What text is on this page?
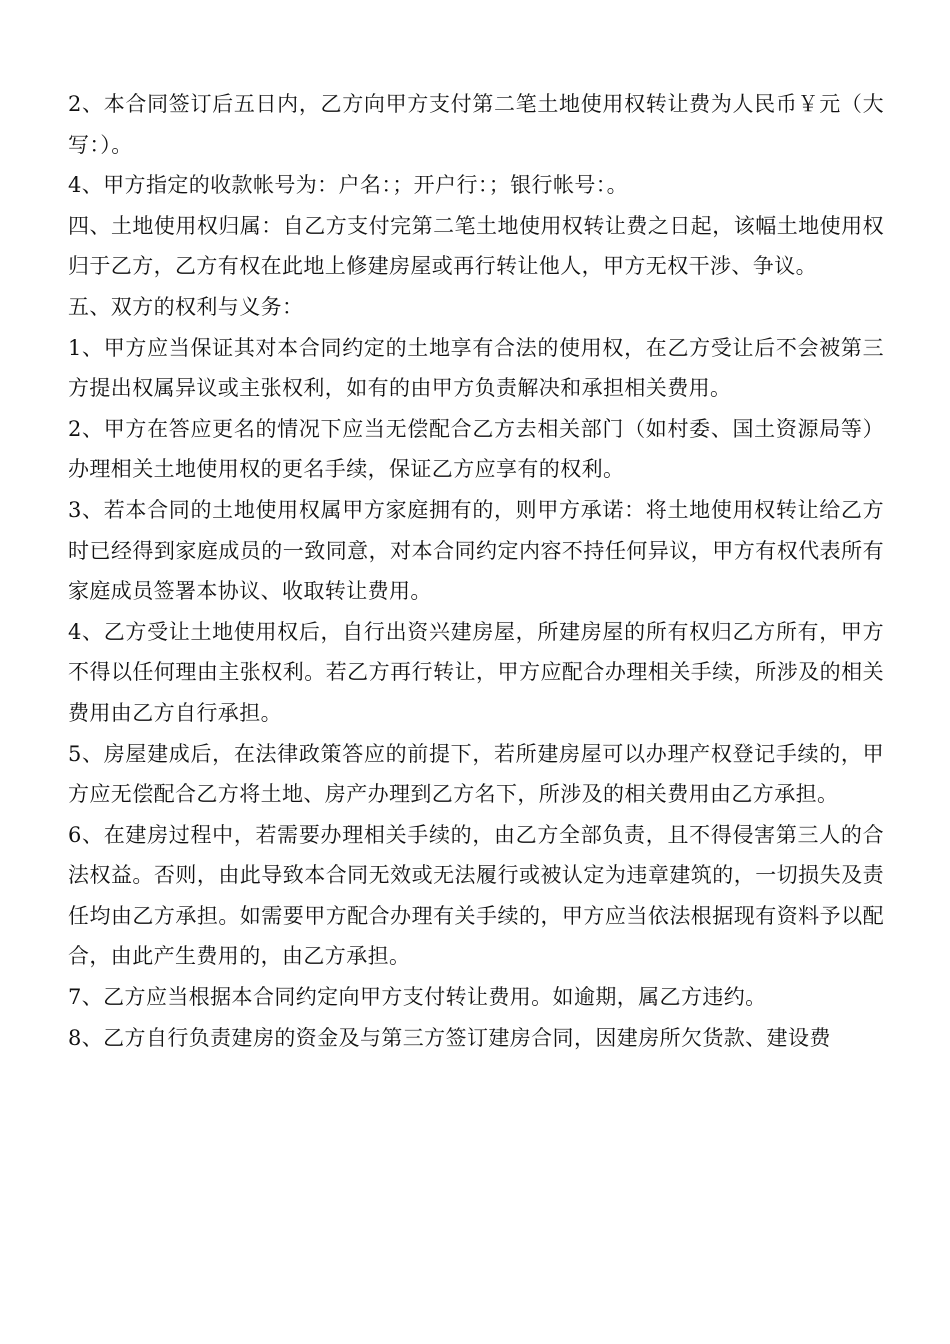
2、本合同签订后五日内，乙方向甲方支付第二笔土地使用权转让费为人民币￥元（大写：）。

4、甲方指定的收款帐号为：户名：；开户行：；银行帐号：。

四、土地使用权归属：自乙方支付完第二笔土地使用权转让费之日起，该幅土地使用权归于乙方，乙方有权在此地上修建房屋或再行转让他人，甲方无权干涉、争议。

五、双方的权利与义务：

1、甲方应当保证其对本合同约定的土地享有合法的使用权，在乙方受让后不会被第三方提出权属异议或主张权利，如有的由甲方负责解决和承担相关费用。

2、甲方在答应更名的情况下应当无偿配合乙方去相关部门（如村委、国土资源局等）办理相关土地使用权的更名手续，保证乙方应享有的权利。

3、若本合同的土地使用权属甲方家庭拥有的，则甲方承诺：将土地使用权转让给乙方时已经得到家庭成员的一致同意，对本合同约定内容不持任何异议，甲方有权代表所有家庭成员签署本协议、收取转让费用。

4、乙方受让土地使用权后，自行出资兴建房屋，所建房屋的所有权归乙方所有，甲方不得以任何理由主张权利。若乙方再行转让，甲方应配合办理相关手续，所涉及的相关费用由乙方自行承担。

5、房屋建成后，在法律政策答应的前提下，若所建房屋可以办理产权登记手续的，甲方应无偿配合乙方将土地、房产办理到乙方名下，所涉及的相关费用由乙方承担。

6、在建房过程中，若需要办理相关手续的，由乙方全部负责，且不得侵害第三人的合法权益。否则，由此导致本合同无效或无法履行或被认定为违章建筑的，一切损失及责任均由乙方承担。如需要甲方配合办理有关手续的，甲方应当依法根据现有资料予以配合，由此产生费用的，由乙方承担。

7、乙方应当根据本合同约定向甲方支付转让费用。如逾期，属乙方违约。

8、乙方自行负责建房的资金及与第三方签订建房合同，因建房所欠货款、建设费
